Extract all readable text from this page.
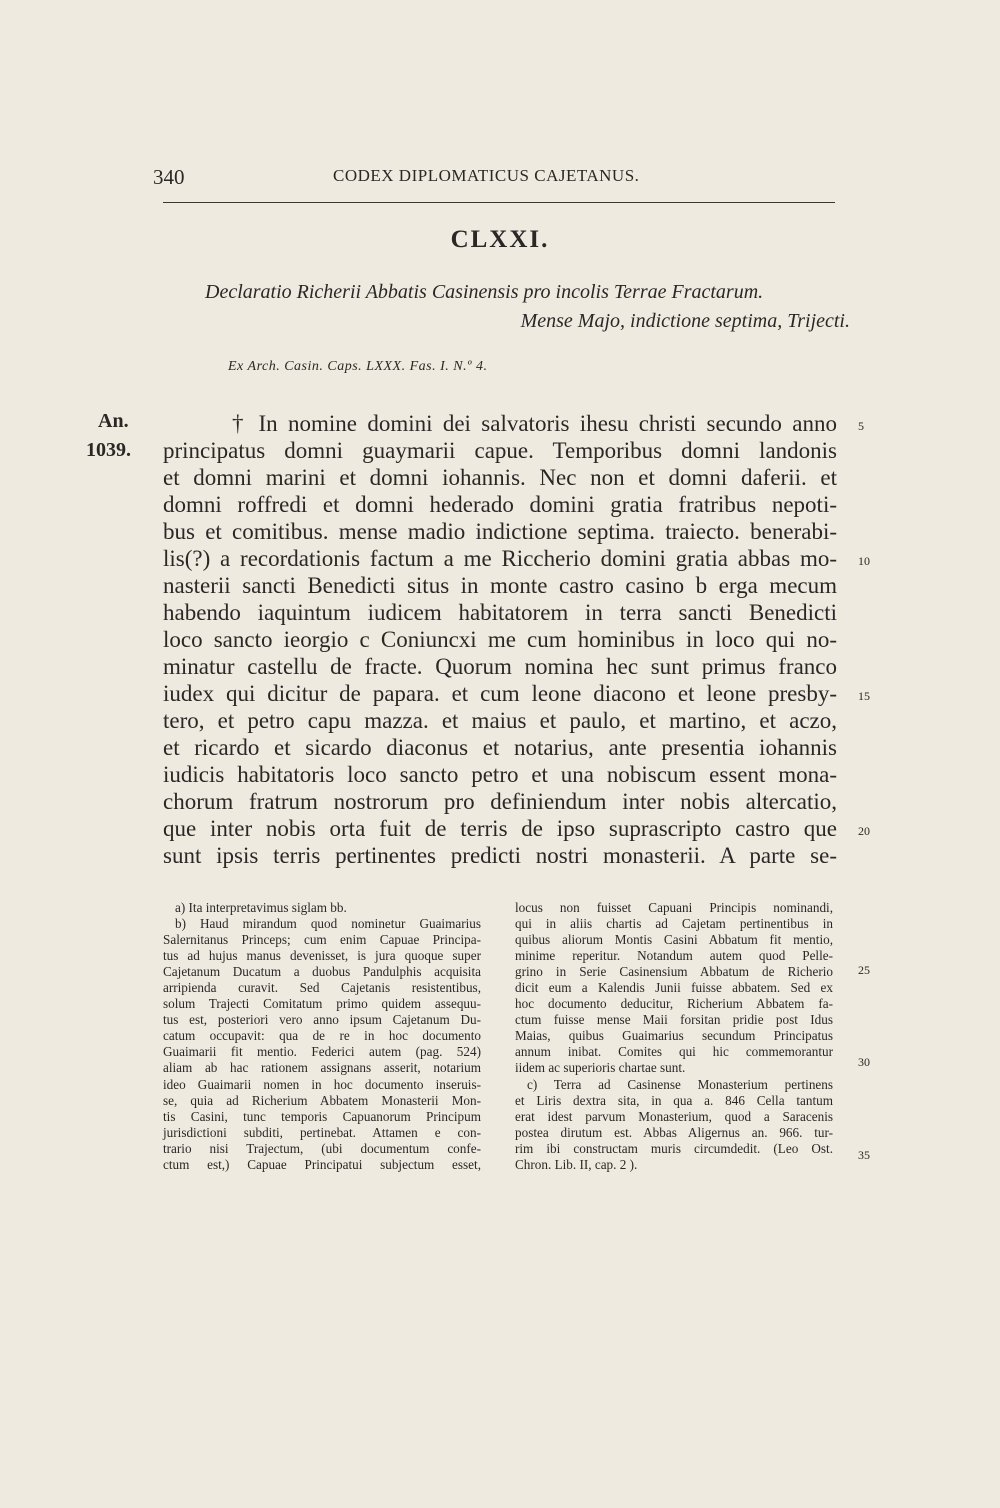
340	CODEX DIPLOMATICUS CAJETANUS.
CLXXI.
Declaratio Richerii Abbatis Casinensis pro incolis Terrae Fractarum.
Mense Majo, indictione septima, Trijecti.
Ex Arch. Casin. Caps. LXXX. Fas. I. N.º 4.
An.
1039.
† In nomine domini dei salvatoris ihesu christi secundo anno
principatus domni guaymarii capue. Temporibus domni landonis
et domni marini et domni iohannis. Nec non et domni daferii. et
domni roffredi et domni hederado domini gratia fratribus nepoti-
bus et comitibus. mense madio indictione septima. traiecto. benerabi-
lis(?) a recordationis factum a me Riccherio domini gratia abbas mo-
nasterii sancti Benedicti situs in monte castro casino b erga mecum
habendo iaquintum iudicem habitatorem in terra sancti Benedicti
loco sancto ieorgio c Coniuncxi me cum hominibus in loco qui no-
minatur castellu de fracte. Quorum nomina hec sunt primus franco
iudex qui dicitur de papara. et cum leone diacono et leone presby-
tero, et petro capu mazza. et maius et paulo, et martino, et aczo,
et ricardo et sicardo diaconus et notarius, ante presentia iohannis
iudicis habitatoris loco sancto petro et una nobiscum essent mona-
chorum fratrum nostrorum pro definiendum inter nobis altercatio,
que inter nobis orta fuit de terris de ipso suprascripto castro que
sunt ipsis terris pertinentes predicti nostri monasterii. A parte se-
5
10
15
20
a) Ita interpretavimus siglam bb.
b) Haud mirandum quod nominetur Guaimarius
Salernitanus Princeps; cum enim Capuae Principa-
tus ad hujus manus devenisset, is jura quoque super
Cajetanum Ducatum a duobus Pandulphis acquisita
arripienda curavit. Sed Cajetanis resistentibus,
solum Trajecti Comitatum primo quidem assequu-
tus est, posteriori vero anno ipsum Cajetanum Du-
catum occupavit: qua de re in hoc documento
Guaimarii fit mentio. Federici autem (pag. 524)
aliam ab hac rationem assignans asserit, notarium
ideo Guaimarii nomen in hoc documento inseruis-
se, quia ad Richerium Abbatem Monasterii Mon-
tis Casini, tunc temporis Capuanorum Principum
jurisdictioni subditi, pertinebat. Attamen e con-
trario nisi Trajectum, (ubi documentum confe-
ctum est,) Capuae Principatui subjectum esset,
locus non fuisset Capuani Principis nominandi,
qui in aliis chartis ad Cajetam pertinentibus in
quibus aliorum Montis Casini Abbatum fit mentio,
minime reperitur. Notandum autem quod Pelle-
grino in Serie Casinensium Abbatum de Richerio
dicit eum a Kalendis Junii fuisse abbatem. Sed ex
hoc documento deducitur, Richerium Abbatem fa-
ctum fuisse mense Maii forsitan pridie post Idus
Maias, quibus Guaimarius secundum Principatus
annum inibat. Comites qui hic commemorantur
iidem ac superioris chartae sunt.
c) Terra ad Casinense Monasterium pertinens
et Liris dextra sita, in qua a. 846 Cella tantum
erat idest parvum Monasterium, quod a Saracenis
postea dirutum est. Abbas Aligernus an. 966. tur-
rim ibi constructam muris circumdedit. (Leo Ost.
Chron. Lib. II, cap. 2 ).
25
30
35
